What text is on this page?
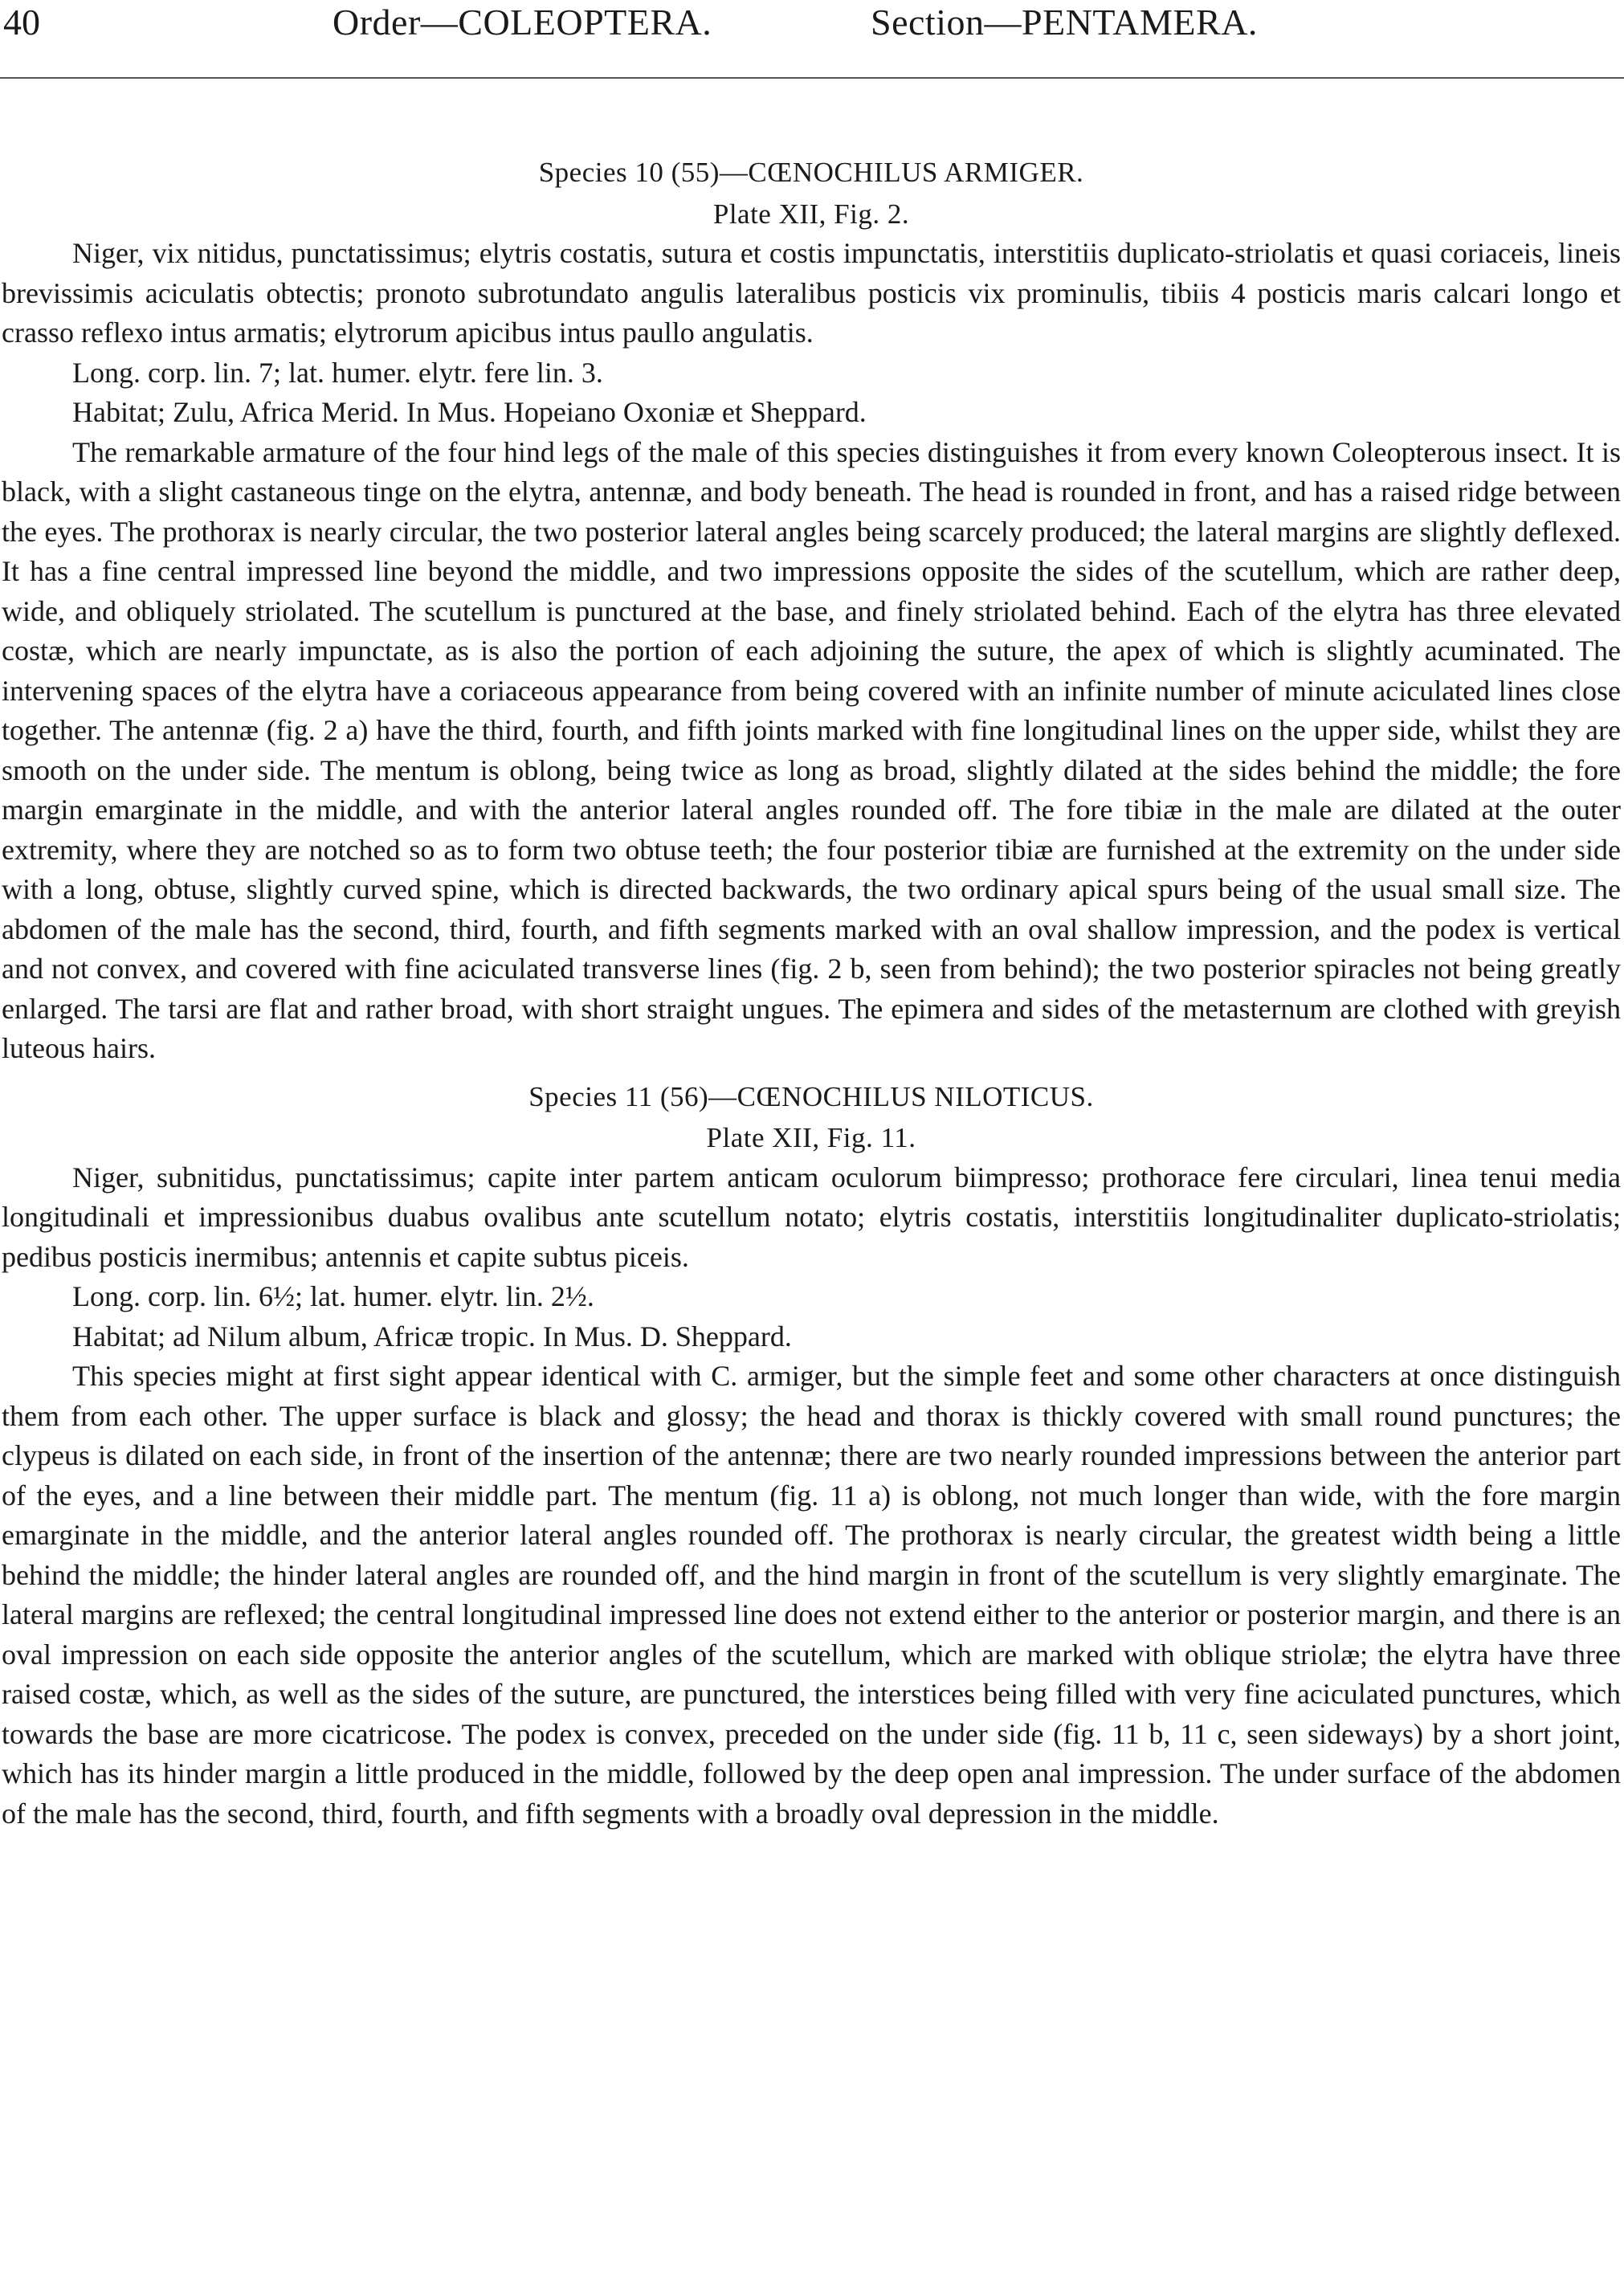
40	Order—COLEOPTERA.	Section—PENTAMERA.

Species 10 (55)—CŒNOCHILUS ARMIGER.

Plate XII, Fig. 2.

Niger, vix nitidus, punctatissimus; elytris costatis, sutura et costis impunctatis, interstitiis duplicato-striolatis et quasi coriaceis, lineis brevissimis aciculatis obtectis; pronoto subrotundato angulis lateralibus posticis vix prominulis, tibiis 4 posticis maris calcari longo et crasso reflexo intus armatis; elytrorum apicibus intus paullo angulatis.

Long. corp. lin. 7; lat. humer. elytr. fere lin. 3.

Habitat; Zulu, Africa Merid. In Mus. Hopeiano Oxoniæ et Sheppard.

The remarkable armature of the four hind legs of the male of this species distinguishes it from every known Coleopterous insect. It is black, with a slight castaneous tinge on the elytra, antennæ, and body beneath. The head is rounded in front, and has a raised ridge between the eyes. The prothorax is nearly circular, the two posterior lateral angles being scarcely produced; the lateral margins are slightly deflexed. It has a fine central impressed line beyond the middle, and two impressions opposite the sides of the scutellum, which are rather deep, wide, and obliquely striolated. The scutellum is punctured at the base, and finely striolated behind. Each of the elytra has three elevated costæ, which are nearly impunctate, as is also the portion of each adjoining the suture, the apex of which is slightly acuminated. The intervening spaces of the elytra have a coriaceous appearance from being covered with an infinite number of minute aciculated lines close together. The antennæ (fig. 2 a) have the third, fourth, and fifth joints marked with fine longitudinal lines on the upper side, whilst they are smooth on the under side. The mentum is oblong, being twice as long as broad, slightly dilated at the sides behind the middle; the fore margin emarginate in the middle, and with the anterior lateral angles rounded off. The fore tibiæ in the male are dilated at the outer extremity, where they are notched so as to form two obtuse teeth; the four posterior tibiæ are furnished at the extremity on the under side with a long, obtuse, slightly curved spine, which is directed backwards, the two ordinary apical spurs being of the usual small size. The abdomen of the male has the second, third, fourth, and fifth segments marked with an oval shallow impression, and the podex is vertical and not convex, and covered with fine aciculated transverse lines (fig. 2 b, seen from behind); the two posterior spiracles not being greatly enlarged. The tarsi are flat and rather broad, with short straight ungues. The epimera and sides of the metasternum are clothed with greyish luteous hairs.

Species 11 (56)—CŒNOCHILUS NILOTICUS.

Plate XII, Fig. 11.

Niger, subnitidus, punctatissimus; capite inter partem anticam oculorum biimpresso; prothorace fere circulari, linea tenui media longitudinali et impressionibus duabus ovalibus ante scutellum notato; elytris costatis, interstitiis longitudinaliter duplicato-striolatis; pedibus posticis inermibus; antennis et capite subtus piceis.

Long. corp. lin. 6½; lat. humer. elytr. lin. 2½.

Habitat; ad Nilum album, Africæ tropic. In Mus. D. Sheppard.

This species might at first sight appear identical with C. armiger, but the simple feet and some other characters at once distinguish them from each other. The upper surface is black and glossy; the head and thorax is thickly covered with small round punctures; the clypeus is dilated on each side, in front of the insertion of the antennæ; there are two nearly rounded impressions between the anterior part of the eyes, and a line between their middle part. The mentum (fig. 11 a) is oblong, not much longer than wide, with the fore margin emarginate in the middle, and the anterior lateral angles rounded off. The prothorax is nearly circular, the greatest width being a little behind the middle; the hinder lateral angles are rounded off, and the hind margin in front of the scutellum is very slightly emarginate. The lateral margins are reflexed; the central longitudinal impressed line does not extend either to the anterior or posterior margin, and there is an oval impression on each side opposite the anterior angles of the scutellum, which are marked with oblique striolæ; the elytra have three raised costæ, which, as well as the sides of the suture, are punctured, the interstices being filled with very fine aciculated punctures, which towards the base are more cicatricose. The podex is convex, preceded on the under side (fig. 11 b, 11 c, seen sideways) by a short joint, which has its hinder margin a little produced in the middle, followed by the deep open anal impression. The under surface of the abdomen of the male has the second, third, fourth, and fifth segments with a broadly oval depression in the middle.
